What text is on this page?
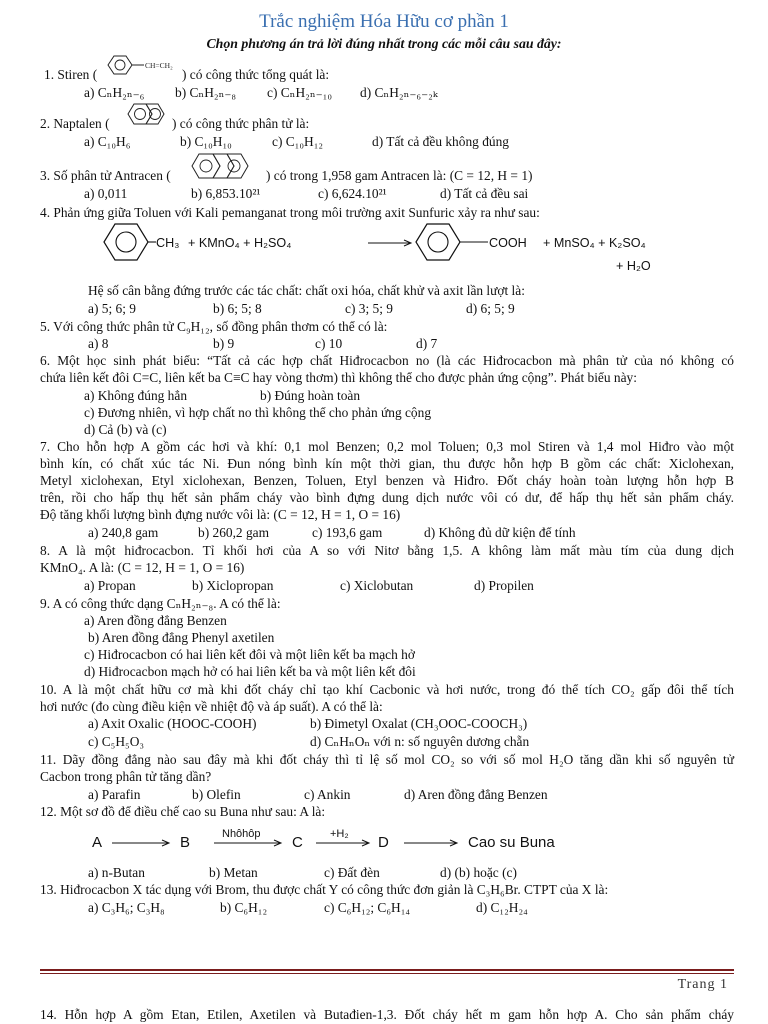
Trắc nghiệm Hóa Hữu cơ phần 1
Chọn phương án trả lời đúng nhất trong các mỗi câu sau đây:
1. Stiren (
CH=CH₂
) có công thức tổng quát là:
a) CₙH₂ₙ₋₆ b) CₙH₂ₙ₋₈ c) CₙH₂ₙ₋₁₀ d) CₙH₂ₙ₋₆₋₂ₖ
2. Naptalen (	) có công thức phân tử là:
a) C₁₀H₆	b) C₁₀H₁₀	c) C₁₀H₁₂	d) Tất cả đều không đúng
3. Số phân tử Antracen (	) có trong 1,958 gam Antracen là: (C = 12, H = 1)
a) 0,011	b) 6,853.10²¹	c) 6,624.10²¹	d) Tất cả đều sai
4. Phản ứng giữa Toluen với Kali pemanganat trong môi trường axit Sunfuric xảy ra như sau:
CH₃ + KMnO₄ + H₂SO₄	COOH + MnSO₄ + K₂SO₄
+ H₂O
Hệ số cân bằng đứng trước các tác chất: chất oxi hóa, chất khử và axit lần lượt là:
a) 5; 6; 9	b) 6; 5; 8	c) 3; 5; 9	d) 6; 5; 9
5. Với công thức phân tử C₉H₁₂, số đồng phân thơm có thể có là:
a) 8	b) 9	c) 10	d) 7
6. Một học sinh phát biểu: “Tất cả các hợp chất Hiđrocacbon no (là các Hiđrocacbon mà phân tử của nó không có
chứa liên kết đôi C=C, liên kết ba C≡C hay vòng thơm) thì không thể cho được phản ứng cộng”. Phát biểu này:
a) Không đúng hẳn	b) Đúng hoàn toàn
c) Đương nhiên, vì hợp chất no thì không thể cho phản ứng cộng
d) Cả (b) và (c)
7. Cho hỗn hợp A gồm các hơi và khí: 0,1 mol Benzen; 0,2 mol Toluen; 0,3 mol Stiren và 1,4 mol Hiđro vào một
bình kín, có chất xúc tác Ni. Đun nóng bình kín một thời gian, thu được hỗn hợp B gồm các chất: Xiclohexan,
Metyl xiclohexan, Etyl xiclohexan, Benzen, Toluen, Etyl benzen và Hiđro. Đốt cháy hoàn toàn lượng hỗn hợp B
trên, rồi cho hấp thụ hết sản phẩm cháy vào bình đựng dung dịch nước vôi có dư, để hấp thụ hết sản phẩm cháy.
Độ tăng khối lượng bình đựng nước vôi là: (C = 12, H = 1, O = 16)
a) 240,8 gam	b) 260,2 gam	c) 193,6 gam	d) Không đủ dữ kiện để tính
8. A là một hiđrocacbon. Tỉ khối hơi của A so với Nitơ bằng 1,5. A không làm mất màu tím của dung dịch
KMnO₄. A là: (C = 12, H = 1, O = 16)
a) Propan	b) Xiclopropan	c) Xiclobutan	d) Propilen
9. A có công thức dạng CₙH₂ₙ₋₈. A có thể là:
a) Aren đồng đẳng Benzen
b) Aren đồng đẳng Phenyl axetilen
c) Hiđrocacbon có hai liên kết đôi và một liên kết ba mạch hở
d) Hiđrocacbon mạch hở có hai liên kết ba và một liên kết đôi
10. A là một chất hữu cơ mà khi đốt cháy chỉ tạo khí Cacbonic và hơi nước, trong đó thể tích CO₂ gấp đôi thể tích
hơi nước (đo cùng điều kiện về nhiệt độ và áp suất). A có thể là:
a) Axit Oxalic (HOOC-COOH)	b) Đimetyl Oxalat (CH₃OOC-COOCH₃)
c) C₅H₅O₃	d) CₙHₙOₙ với n: số nguyên dương chẵn
11. Dãy đồng đẳng nào sau đây mà khi đốt cháy thì tỉ lệ số mol CO₂ so với số mol H₂O tăng dần khi số nguyên tử
Cacbon trong phân tử tăng dần?
a) Parafin	b) Olefin	c) Ankin	d) Aren đồng đẳng Benzen
12. Một sơ đồ để điều chế cao su Buna như sau: A là:
A	B	Nhôhôp C +H₂ D	Cao su Buna
a) n-Butan	b) Metan	c) Đất đèn	d) (b) hoặc (c)
13. Hiđrocacbon X tác dụng với Brom, thu được chất Y có công thức đơn giản là C₃H₆Br. CTPT của X là:
a) C₃H₆; C₃H₈	b) C₆H₁₂	c) C₆H₁₂; C₆H₁₄	d) C₁₂H₂₄
Trang 1
14. Hỗn hợp A gồm Etan, Etilen, Axetilen và Butađien-1,3. Đốt cháy hết m gam hỗn hợp A. Cho sản phẩm cháy
